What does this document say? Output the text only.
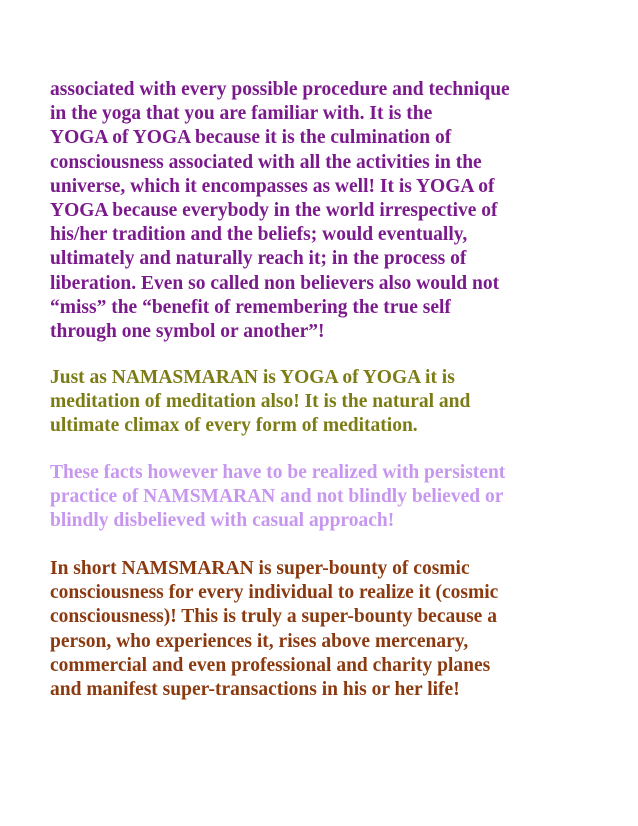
associated with every possible procedure and technique
in the yoga that you are familiar with. It is the
YOGA of YOGA because it is the culmination of
consciousness associated with all the activities in the
universe, which it encompasses as well! It is YOGA of
YOGA because everybody in the world irrespective of
his/her tradition and the beliefs; would eventually,
ultimately and naturally reach it; in the process of
liberation. Even so called non believers also would not
“miss” the “benefit of remembering the true self
through one symbol or another”!

Just as NAMASMARAN is YOGA of YOGA it is
meditation of meditation also! It is the natural and
ultimate climax of every form of meditation.

These facts however have to be realized with persistent
practice of NAMSMARAN and not blindly believed or
blindly disbelieved with casual approach!

In short NAMSMARAN is super-bounty of cosmic
consciousness for every individual to realize it (cosmic
consciousness)! This is truly a super-bounty because a
person, who experiences it, rises above mercenary,
commercial and even professional and charity planes
and manifest super-transactions in his or her life!
